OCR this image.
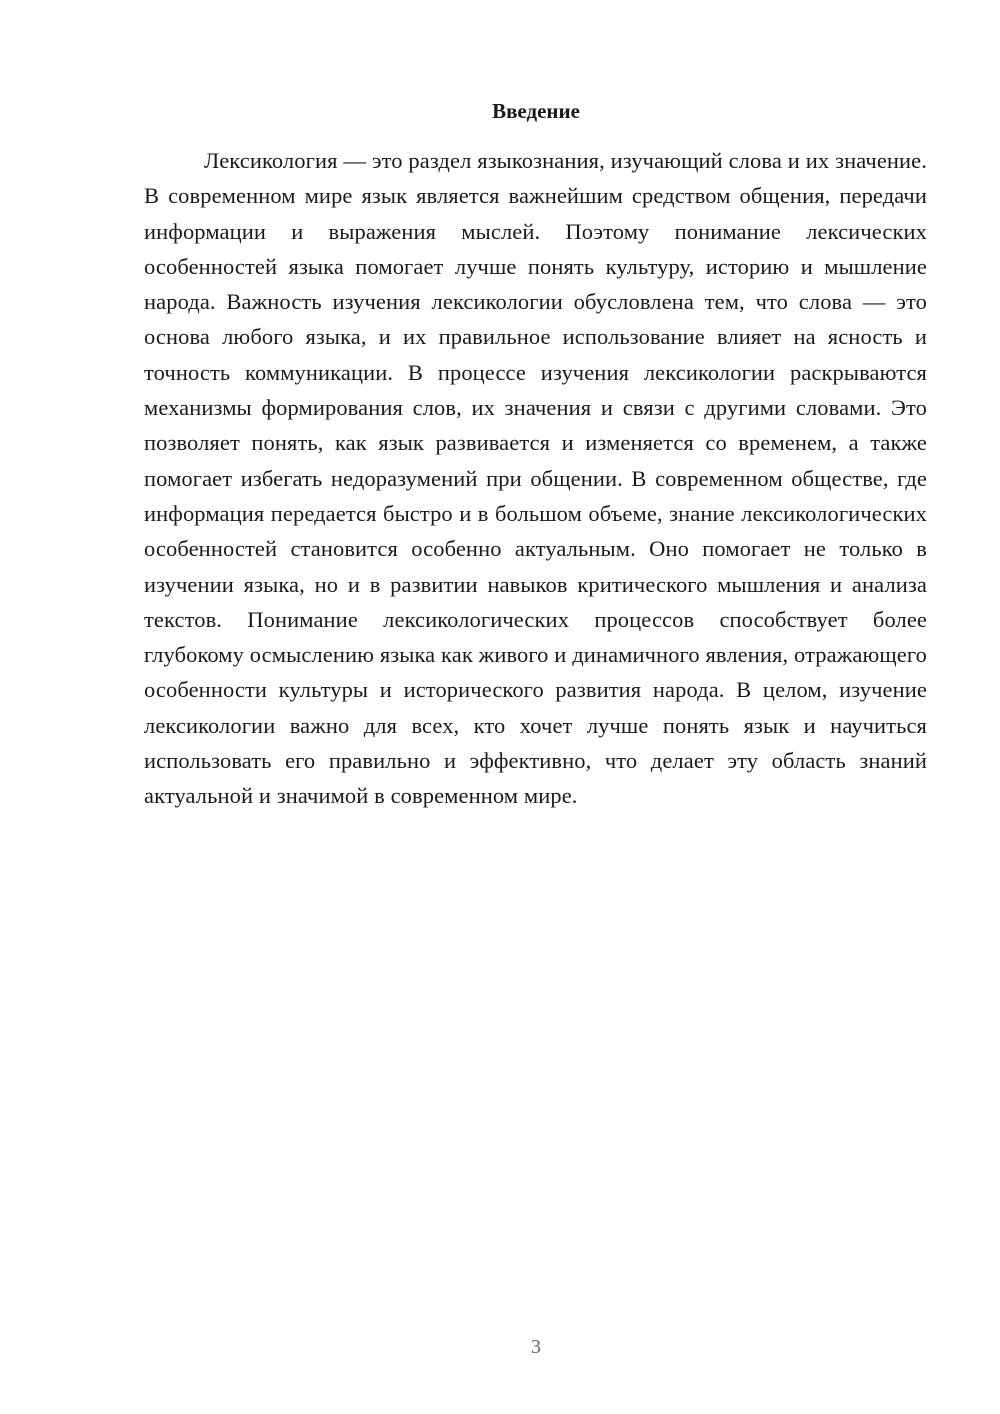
Введение

Лексикология — это раздел языкознания, изучающий слова и их значение. В современном мире язык является важнейшим средством общения, передачи информации и выражения мыслей. Поэтому понимание лексических особенностей языка помогает лучше понять культуру, историю и мышление народа. Важность изучения лексикологии обусловлена тем, что слова — это основа любого языка, и их правильное использование влияет на ясность и точность коммуникации. В процессе изучения лексикологии раскрываются механизмы формирования слов, их значения и связи с другими словами. Это позволяет понять, как язык развивается и изменяется со временем, а также помогает избегать недоразумений при общении. В современном обществе, где информация передается быстро и в большом объеме, знание лексикологических особенностей становится особенно актуальным. Оно помогает не только в изучении языка, но и в развитии навыков критического мышления и анализа текстов. Понимание лексикологических процессов способствует более глубокому осмыслению языка как живого и динамичного явления, отражающего особенности культуры и исторического развития народа. В целом, изучение лексикологии важно для всех, кто хочет лучше понять язык и научиться использовать его правильно и эффективно, что делает эту область знаний актуальной и значимой в современном мире.

3
